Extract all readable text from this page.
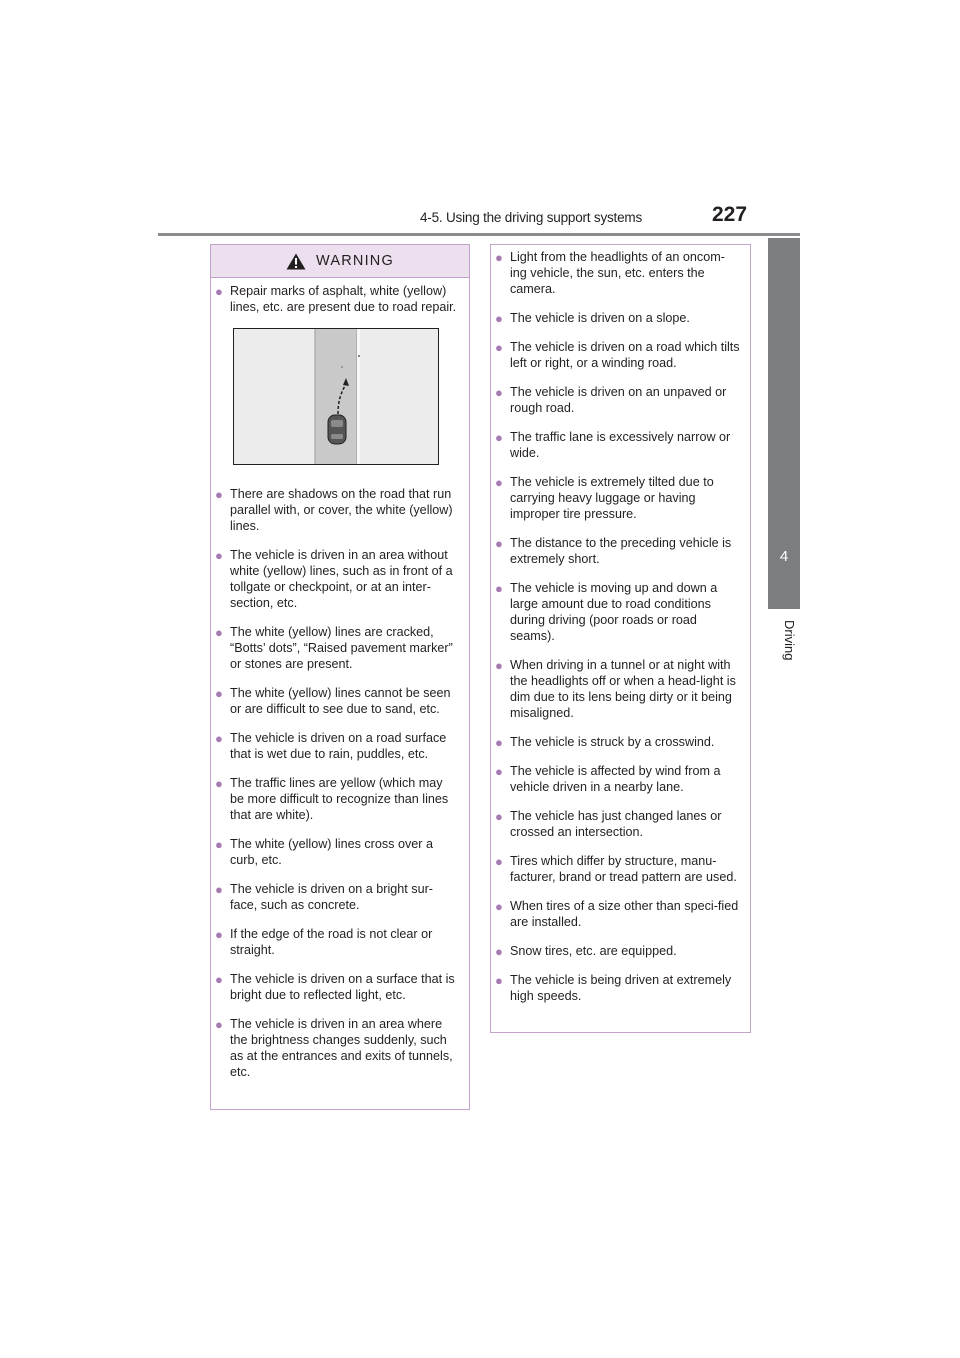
4-5. Using the driving support systems	227
4
Driving
WARNING
● Repair marks of asphalt, white (yellow) lines, etc. are present due to road repair.
● There are shadows on the road that run parallel with, or cover, the white (yellow) lines.
● The vehicle is driven in an area without white (yellow) lines, such as in front of a tollgate or checkpoint, or at an inter-section, etc.
● The white (yellow) lines are cracked, “Botts’ dots”, “Raised pavement marker” or stones are present.
● The white (yellow) lines cannot be seen or are difficult to see due to sand, etc.
● The vehicle is driven on a road surface that is wet due to rain, puddles, etc.
● The traffic lines are yellow (which may be more difficult to recognize than lines that are white).
● The white (yellow) lines cross over a curb, etc.
● The vehicle is driven on a bright sur-face, such as concrete.
● If the edge of the road is not clear or straight.
● The vehicle is driven on a surface that is bright due to reflected light, etc.
● The vehicle is driven in an area where the brightness changes suddenly, such as at the entrances and exits of tunnels, etc.
● Light from the headlights of an oncom-ing vehicle, the sun, etc. enters the camera.
● The vehicle is driven on a slope.
● The vehicle is driven on a road which tilts left or right, or a winding road.
● The vehicle is driven on an unpaved or rough road.
● The traffic lane is excessively narrow or wide.
● The vehicle is extremely tilted due to carrying heavy luggage or having improper tire pressure.
● The distance to the preceding vehicle is extremely short.
● The vehicle is moving up and down a large amount due to road conditions during driving (poor roads or road seams).
● When driving in a tunnel or at night with the headlights off or when a head-light is dim due to its lens being dirty or it being misaligned.
● The vehicle is struck by a crosswind.
● The vehicle is affected by wind from a vehicle driven in a nearby lane.
● The vehicle has just changed lanes or crossed an intersection.
● Tires which differ by structure, manu-facturer, brand or tread pattern are used.
● When tires of a size other than speci-fied are installed.
● Snow tires, etc. are equipped.
● The vehicle is being driven at extremely high speeds.
